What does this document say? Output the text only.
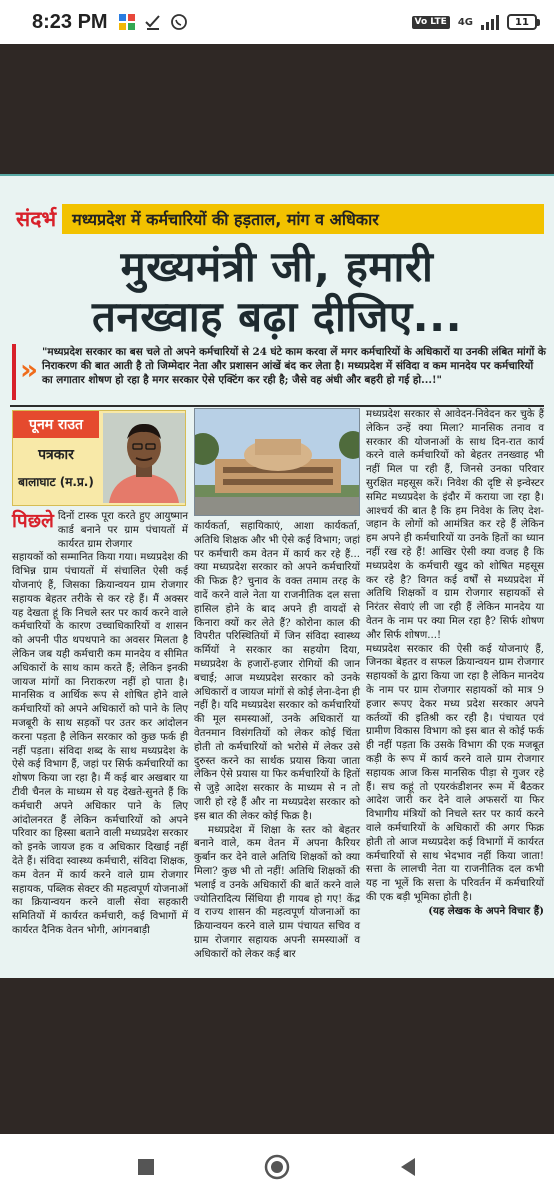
8:23 PM	Vo LTE	4G	11
संदर्भ	मध्यप्रदेश में कर्मचारियों की हड़ताल, मांग व अधिकार
मुख्यमंत्री जी, हमारी
तनख्वाह बढ़ा दीजिए...
»
"मध्यप्रदेश सरकार का बस चले तो अपने कर्मचारियों से 24 घंटे काम करवा लें मगर कर्मचारियों के अधिकारों या उनकी लंबित मांगों के निराकरण की बात आती है तो जिम्मेदार नेता और प्रशासन आंखें बंद कर लेता है। मध्यप्रदेश में संविदा व कम मानदेय पर कर्मचारियों का लगातार शोषण हो रहा है मगर सरकार ऐसे एक्टिंग कर रही है; जैसे वह अंधी और बहरी हो गई हो...!"
पूनम राउत
पत्रकार
बालाघाट (म.प्र.)
पिछले दिनों टास्क पूरा करते हुए आयुष्मान कार्ड बनाने पर ग्राम पंचायतों में कार्यरत ग्राम रोजगार

सहायकों को सम्मानित किया गया। मध्यप्रदेश की विभिन्न ग्राम पंचायतों में संचालित ऐसी कई योजनाएं हैं, जिसका क्रियान्वयन ग्राम रोजगार सहायक बेहतर तरीके से कर रहे हैं। मैं अक्सर यह देखता हूं कि निचले स्तर पर कार्य करने वाले कर्मचारियों के कारण उच्चाधिकारियों व शासन को अपनी पीठ थपथपाने का अवसर मिलता है लेकिन जब यही कर्मचारी कम मानदेय व सीमित अधिकारों के साथ काम करते हैं; लेकिन इनकी जायज मांगों का निराकरण नहीं हो पाता है। मानसिक व आर्थिक रूप से शोषित होने वाले कर्मचारियों को अपने अधिकारों को पाने के लिए मजबूरी के साथ सड़कों पर उतर कर आंदोलन करना पड़ता है लेकिन सरकार को कुछ फर्क ही नहीं पड़ता। संविदा शब्द के साथ मध्यप्रदेश के ऐसे कई विभाग हैं, जहां पर सिर्फ कर्मचारियों का शोषण किया जा रहा है। मैं कई बार अखबार या टीवी चैनल के माध्यम से यह देखते-सुनते हैं कि कर्मचारी अपने अधिकार पाने के लिए आंदोलनरत हैं लेकिन कर्मचारियों को अपने परिवार का हिस्सा बताने वाली मध्यप्रदेश सरकार को इनके जायज हक व अधिकार दिखाई नहीं देते हैं। संविदा स्वास्थ्य कर्मचारी, संविदा शिक्षक, कम वेतन में कार्य करने वाले ग्राम रोजगार सहायक, पब्लिक सेक्टर की महत्वपूर्ण योजनाओं का क्रियान्वयन करने वाली सेवा सहकारी समितियों में कार्यरत कर्मचारी, कई विभागों में कार्यरत दैनिक वेतन भोगी, आंगनबाड़ी

कार्यकर्ता, सहायिकाएं, आशा कार्यकर्ता, अतिथि शिक्षक और भी ऐसे कई विभाग; जहां पर कर्मचारी कम वेतन में कार्य कर रहे हैं... क्या मध्यप्रदेश सरकार को अपने कर्मचारियों की फिक्र है? चुनाव के वक्त तमाम तरह के वादें करने वाले नेता या राजनीतिक दल सत्ता हासिल होने के बाद अपने ही वायदों से किनारा क्यों कर लेते हैं? कोरोना काल की विपरीत परिस्थितियों में जिन संविदा स्वास्थ्य कर्मियों ने सरकार का सहयोग दिया, मध्यप्रदेश के हजारों-हजार रोगियों की जान बचाई; आज मध्यप्रदेश सरकार को उनके अधिकारों व जायज मांगों से कोई लेना-देना ही नहीं है। यदि मध्यप्रदेश सरकार को कर्मचारियों की मूल समस्याओं, उनके अधिकारों या वेतनमान विसंगतियों को लेकर कोई चिंता होती तो कर्मचारियों को भरोसे में लेकर उसे दुरुस्त करने का सार्थक प्रयास किया जाता लेकिन ऐसे प्रयास या फिर कर्मचारियों के हितों से जुड़े आदेश सरकार के माध्यम से न तो जारी हो रहे हैं और ना मध्यप्रदेश सरकार को इस बात की लेकर कोई फिक्र है।

मध्यप्रदेश में शिक्षा के स्तर को बेहतर बनाने वाले, कम वेतन में अपना कैरियर कुर्बान कर देने वाले अतिथि शिक्षकों को क्या मिला? कुछ भी तो नहीं! अतिथि शिक्षकों की भलाई व उनके अधिकारों की बातें करने वाले ज्योतिरादित्य सिंधिया ही गायब हो गए! केंद्र व राज्य शासन की महत्वपूर्ण योजनाओं का क्रियान्वयन करने वाले ग्राम पंचायत सचिव व ग्राम रोजगार सहायक अपनी समस्याओं व अधिकारों को लेकर कई बार

मध्यप्रदेश सरकार से आवेदन-निवेदन कर चुके हैं लेकिन उन्हें क्या मिला? मानसिक तनाव व सरकार की योजनाओं के साथ दिन-रात कार्य करने वाले कर्मचारियों को बेहतर तनख्वाह भी नहीं मिल पा रही हैं, जिनसे उनका परिवार सुरक्षित महसूस करें। निवेश की दृष्टि से इन्वेस्टर समिट मध्यप्रदेश के इंदौर में कराया जा रहा है। आश्चर्य की बात है कि हम निवेश के लिए देश-जहान के लोगों को आमंत्रित कर रहे हैं लेकिन हम अपने ही कर्मचारियों या उनके हितों का ध्यान नहीं रख रहे हैं! आखिर ऐसी क्या वजह है कि मध्यप्रदेश के कर्मचारी खुद को शोषित महसूस कर रहे है? विगत कई वर्षों से मध्यप्रदेश में अतिथि शिक्षकों व ग्राम रोजगार सहायकों से निरंतर सेवाएं ली जा रही हैं लेकिन मानदेय या वेतन के नाम पर क्या मिल रहा है? सिर्फ शोषण और सिर्फ शोषण...!

मध्यप्रदेश सरकार की ऐसी कई योजनाएं हैं, जिनका बेहतर व सफल क्रियान्वयन ग्राम रोजगार सहायकों के द्वारा किया जा रहा है लेकिन मानदेय के नाम पर ग्राम रोजगार सहायकों को मात्र 9 हजार रूपए देकर मध्य प्रदेश सरकार अपने कर्तव्यों की इतिश्री कर रही है। पंचायत एवं ग्रामीण विकास विभाग को इस बात से कोई फर्क ही नहीं पड़ता कि उसके विभाग की एक मजबूत कड़ी के रूप में कार्य करने वाले ग्राम रोजगार सहायक आज किस मानसिक पीड़ा से गुजर रहे हैं। सच कहूं तो एयरकंडीशनर रूम में बैठकर आदेश जारी कर देने वाले अफसरों या फिर विभागीय मंत्रियों को निचले स्तर पर कार्य करने वाले कर्मचारियों के अधिकारों की अगर फिक्र होती तो आज मध्यप्रदेश कई विभागों में कार्यरत कर्मचारियों से साथ भेदभाव नहीं किया जाता! सत्ता के लालची नेता या राजनीतिक दल कभी यह ना भूलें कि सत्ता के परिवर्तन में कर्मचारियों की एक बड़ी भूमिका होती है।

(यह लेखक के अपने विचार हैं)
